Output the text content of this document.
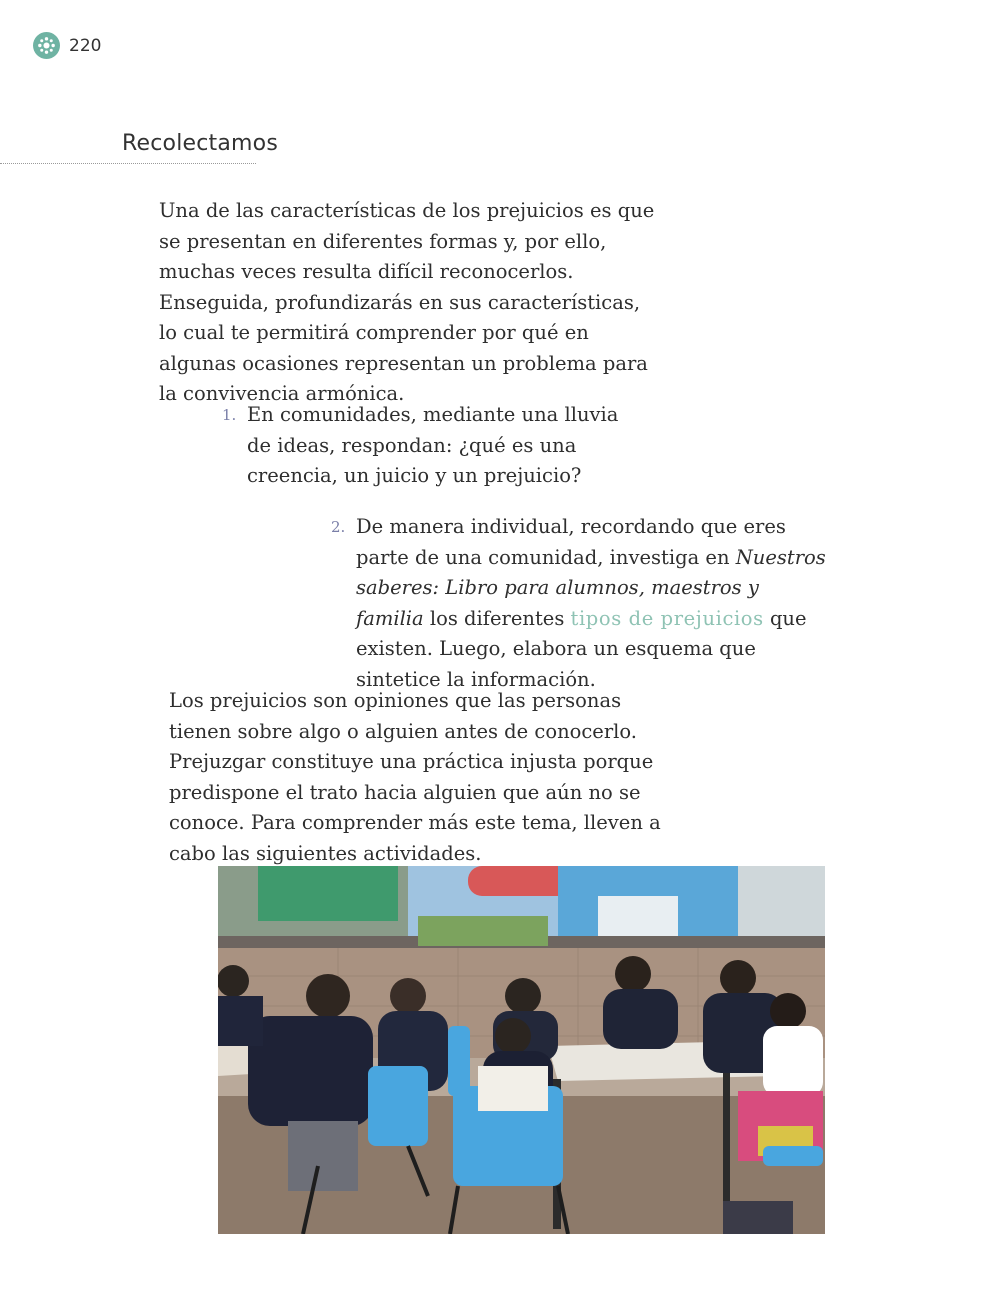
220
Recolectamos

Una de las características de los prejuicios es que se presentan en diferentes formas y, por ello, muchas veces resulta difícil reconocerlos. Enseguida, profundizarás en sus características, lo cual te permitirá comprender por qué en algunas ocasiones representan un problema para la convivencia armónica.

1. En comunidades, mediante una lluvia de ideas, respondan: ¿qué es una creencia, un juicio y un prejuicio?
2. De manera individual, recordando que eres parte de una comunidad, investiga en Nuestros saberes: Libro para alumnos, maestros y familia los diferentes tipos de prejuicios que existen. Luego, elabora un esquema que sintetice la información.

Los prejuicios son opiniones que las personas tienen sobre algo o alguien antes de conocerlo. Prejuzgar constituye una práctica injusta porque predispone el trato hacia alguien que aún no se conoce. Para comprender más este tema, lleven a cabo las siguientes actividades.
